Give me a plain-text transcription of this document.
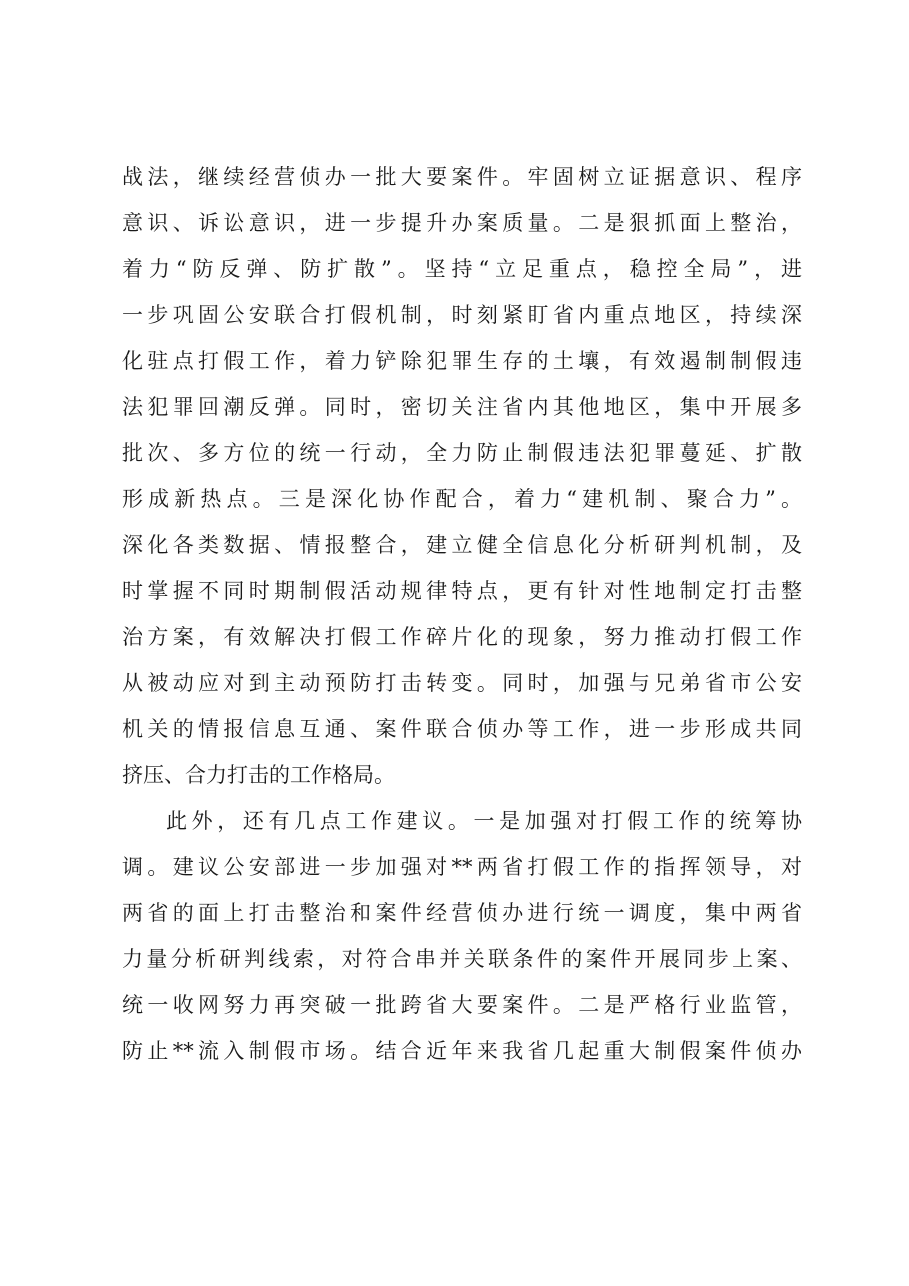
战法，继续经营侦办一批大要案件。牢固树立证据意识、程序
意识、诉讼意识，进一步提升办案质量。二是狠抓面上整治，
着力“防反弹、防扩散”。坚持“立足重点，稳控全局”，进
一步巩固公安联合打假机制，时刻紧盯省内重点地区，持续深
化驻点打假工作，着力铲除犯罪生存的土壤，有效遏制制假违
法犯罪回潮反弹。同时，密切关注省内其他地区，集中开展多
批次、多方位的统一行动，全力防止制假违法犯罪蔓延、扩散
形成新热点。三是深化协作配合，着力“建机制、聚合力”。
深化各类数据、情报整合，建立健全信息化分析研判机制，及
时掌握不同时期制假活动规律特点，更有针对性地制定打击整
治方案，有效解决打假工作碎片化的现象，努力推动打假工作
从被动应对到主动预防打击转变。同时，加强与兄弟省市公安
机关的情报信息互通、案件联合侦办等工作，进一步形成共同
挤压、合力打击的工作格局。
此外，还有几点工作建议。一是加强对打假工作的统筹协
调。建议公安部进一步加强对**两省打假工作的指挥领导，对
两省的面上打击整治和案件经营侦办进行统一调度，集中两省
力量分析研判线索，对符合串并关联条件的案件开展同步上案、
统一收网努力再突破一批跨省大要案件。二是严格行业监管，
防止**流入制假市场。结合近年来我省几起重大制假案件侦办
